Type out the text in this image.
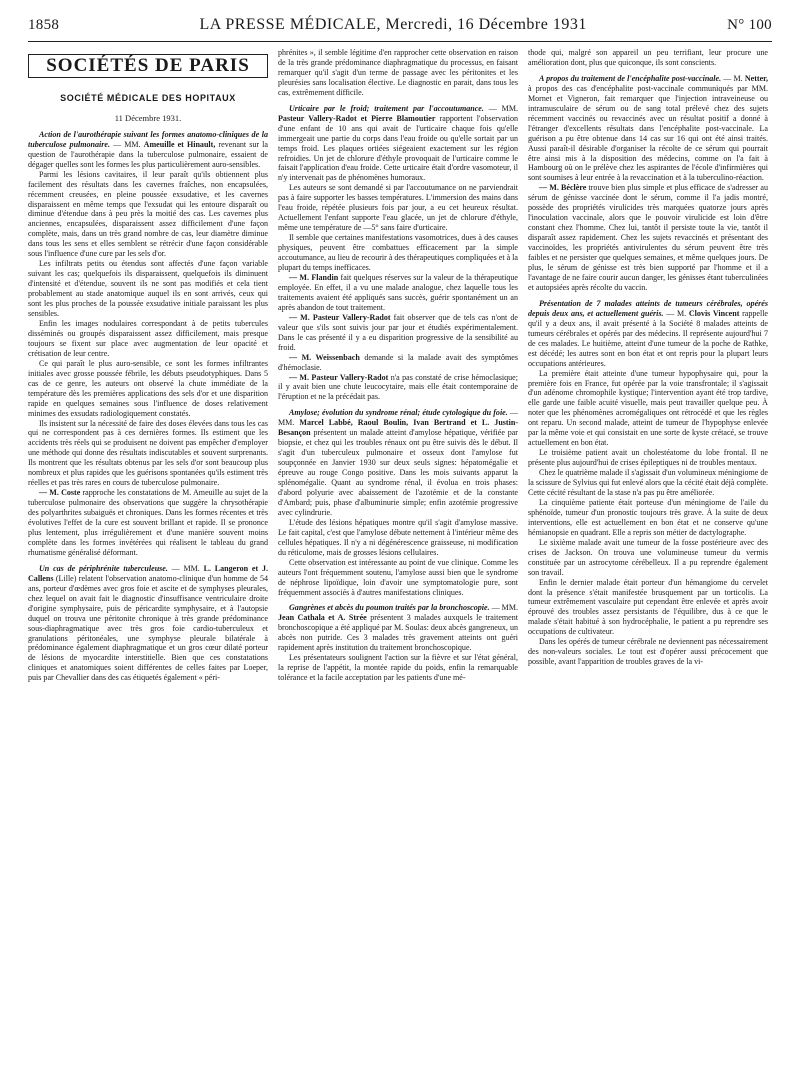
1858	LA PRESSE MÉDICALE, Mercredi, 16 Décembre 1931	N° 100
SOCIÉTÉS DE PARIS
SOCIÉTÉ MÉDICALE DES HOPITAUX
11 Décembre 1931.

Action de l'aurothérapie suivant les formes anatomo-cliniques de la tuberculose pulmonaire. — MM. Ameuille et Hinault, revenant sur la question de l'aurothérapie dans la tuberculose pulmonaire, essaient de dégager quelles sont les formes les plus particulièrement auro-sensibles.

Parmi les lésions cavitaires, il leur paraît qu'ils obtiennent plus facilement des résultats dans les cavernes fraîches, non encapsulées, récemment creusées, en pleine poussée exsudative, et les cavernes disparaissent en même temps que l'exsudat qui les entoure disparaît ou diminue d'étendue dans à peu près la moitié des cas. Les cavernes plus anciennes, encapsulées, disparaissent assez difficilement d'une façon complète, mais, dans un très grand nombre de cas, leur diamètre diminue dans tous les sens et elles semblent se rétrécir d'une façon considérable sous l'influence d'une cure par les sels d'or.

Les infiltrats petits ou étendus sont affectés d'une façon variable suivant les cas; quelquefois ils disparaissent, quelquefois ils diminuent d'intensité et d'étendue, souvent ils ne sont pas modifiés et cela tient probablement au stade anatomique auquel ils en sont arrivés, ceux qui sont les plus proches de la poussée exsudative initiale paraissant les plus sensibles.

Enfin les images nodulaires correspondant à de petits tubercules disséminés ou groupés disparaissent assez difficilement, mais presque toujours se fixent sur place avec augmentation de leur opacité et crétisation de leur centre.

Ce qui paraît le plus auro-sensible, ce sont les formes infiltrantes initiales avec grosse poussée fébrile, les débuts pseudotyphiques. Dans 5 cas de ce genre, les auteurs ont observé la chute immédiate de la température dès les premières applications des sels d'or et une disparition rapide en quelques semaines sous l'influence de doses relativement minimes des exsudats radiologiquement constatés.

Ils insistent sur la nécessité de faire des doses élevées dans tous les cas qui ne correspondent pas à ces dernières formes. Ils estiment que les accidents très réels qui se produisent ne doivent pas empêcher d'employer une méthode qui donne des résultats indiscutables et souvent surprenants. Ils montrent que les résultats obtenus par les sels d'or sont beaucoup plus nombreux et plus rapides que les guérisons spontanées qu'ils estiment très réelles et pas très rares en cours de tuberculose pulmonaire.

— M. Coste rapproche les constatations de M. Ameuille au sujet de la tuberculose pulmonaire des observations que suggère la chrysothérapie des polyarthrites subaiguës et chroniques. Dans les formes récentes et très évolutives l'effet de la cure est souvent brillant et rapide. Il se prononce plus lentement, plus irrégulièrement et d'une manière souvent moins complète dans les formes invétérées qui réalisent le tableau du grand rhumatisme généralisé déformant.

Un cas de périphrénite tuberculeuse. — MM. L. Langeron et J. Callens (Lille) relatent l'observation anatomo-clinique d'un homme de 54 ans, porteur d'œdèmes avec gros foie et ascite et de symphyses pleurales, chez lequel on avait fait le diagnostic d'insuffisance ventriculaire droite d'origine symphysaire, puis de péricardite symphysaire, et à l'autopsie duquel on trouva une péritonite chronique à très grande prédominance sous-diaphragmatique avec très gros foie cardio-tuberculeux et granulations péritonéales, une symphyse pleurale bilatérale à prédominance également diaphragmatique et un gros cœur dilaté porteur de lésions de myocardite interstitielle. Bien que ces constatations cliniques et anatomiques soient différentes de celles faites par Loeper, puis par Chevallier dans des cas étiquetés également « péri-

phrénites », il semble légitime d'en rapprocher cette observation en raison de la très grande prédominance diaphragmatique du processus, en faisant remarquer qu'il s'agit d'un terme de passage avec les péritonites et les pleurésies sans localisation élective. Le diagnostic en parait, dans tous les cas, extrêmement difficile.

Urticaire par le froid; traitement par l'accoutumance. — MM. Pasteur Vallery-Radot et Pierre Blamoutier rapportent l'observation d'une enfant de 10 ans qui avait de l'urticaire chaque fois qu'elle immergeait une partie du corps dans l'eau froide ou qu'elle sortait par un temps froid. Les plaques ortiées siégeaient exactement sur les région refroidies. Un jet de chlorure d'éthyle provoquait de l'urticaire comme le faisait l'application d'eau froide. Cette urticaire était d'ordre vasomoteur, il n'y intervenait pas de phénomènes humoraux.

Les auteurs se sont demandé si par l'accoutumance on ne parviendrait pas à faire supporter les basses températures. L'immersion des mains dans l'eau froide, répétée plusieurs fois par jour, a eu cet heureux résultat. Actuellement l'enfant supporte l'eau glacée, un jet de chlorure d'éthyle, même une température de —5° sans faire d'urticaire.

Il semble que certaines manifestations vasomotrices, dues à des causes physiques, peuvent être combattues efficacement par la simple accoutumance, au lieu de recourir à des thérapeutiques compliquées et à la plupart du temps inefficaces.

— M. Flandin fait quelques réserves sur la valeur de la thérapeutique employée. En effet, il a vu une malade analogue, chez laquelle tous les traitements avaient été appliqués sans succès, guérir spontanément un an après abandon de tout traitement.

— M. Pasteur Vallery-Radot fait observer que de tels cas n'ont de valeur que s'ils sont suivis jour par jour et étudiés expérimentalement. Dans le cas présenté il y a eu disparition progressive de la sensibilité au froid.

— M. Weissenbach demande si la malade avait des symptômes d'hémoclasie.

— M. Pasteur Vallery-Radot n'a pas constaté de crise hémoclasique; il y avait bien une chute leucocytaire, mais elle était contemporaine de l'éruption et ne la précédait pas.

Amylose; évolution du syndrome rénal; étude cytologique du foie. — MM. Marcel Labbé, Raoul Boulin, Ivan Bertrand et L. Justin-Besançon présentent un malade atteint d'amylose hépatique, vérifiée par biopsie, et chez qui les troubles rénaux ont pu être suivis dès le début. Il s'agit d'un tuberculeux pulmonaire et osseux dont l'amylose fut soupçonnée en Janvier 1930 sur deux seuls signes: hépatomégalie et épreuve au rouge Congo positive. Dans les mois suivants apparut la splénomégalie. Quant au syndrome rénal, il évolua en trois phases: d'abord polyurie avec abaissement de l'azotémie et de la constante d'Ambard; puis, phase d'albuminurie simple; enfin azotémie progressive avec cylindrurie.

L'étude des lésions hépatiques montre qu'il s'agit d'amylose massive. Le fait capital, c'est que l'amylose débute nettement à l'intérieur même des cellules hépatiques. Il n'y a ni dégénérescence graisseuse, ni modification du réticulome, mais de grosses lésions cellulaires.

Cette observation est intéressante au point de vue clinique. Comme les auteurs l'ont fréquemment soutenu, l'amylose aussi bien que le syndrome de néphrose lipoïdique, loin d'avoir une symptomatologie pure, sont fréquemment associés à d'autres manifestations cliniques.

Gangrènes et abcès du poumon traités par la bronchoscopie. — MM. Jean Cathala et A. Strée présentent 3 malades auxquels le traitement bronchoscopique a été appliqué par M. Soulas: deux abcès gangreneux, un abcès non putride. Ces 3 malades très gravement atteints ont guéri rapidement après institution du traitement bronchoscopique.

Les présentateurs soulignent l'action sur la fièvre et sur l'état général, la reprise de l'appétit, la montée rapide du poids, enfin la remarquable tolérance et la facile acceptation par les patients d'une mé-

thode qui, malgré son appareil un peu terrifiant, leur procure une amélioration dont, plus que quiconque, ils sont conscients.

A propos du traitement de l'encéphalite post-vaccinale. — M. Netter, à propos des cas d'encéphalite post-vaccinale communiqués par MM. Mornet et Vigneron, fait remarquer que l'injection intraveineuse ou intramusculaire de sérum ou de sang total prélevé chez des sujets récemment vaccinés ou revaccinés avec un résultat positif a donné à l'étranger d'excellents résultats dans l'encéphalite post-vaccinale. La guérison a pu être obtenue dans 14 cas sur 16 qui ont été ainsi traités. Aussi paraît-il désirable d'organiser la récolte de ce sérum qui pourrait être ainsi mis à la disposition des médecins, comme on l'a fait à Hambourg où on le prélève chez les aspirantes de l'école d'infirmières qui sont soumises à leur entrée à la revaccination et à la tuberculino-réaction.

— M. Béclère trouve bien plus simple et plus efficace de s'adresser au sérum de génisse vaccinée dont le sérum, comme il l'a jadis montré, possède des propriétés virulicides très marquées quatorze jours après l'inoculation vaccinale, alors que le pouvoir virulicide est loin d'être constant chez l'homme. Chez lui, tantôt il persiste toute la vie, tantôt il disparaît assez rapidement. Chez les sujets revaccinés et présentant des vaccinoïdes, les propriétés antivirulentes du sérum peuvent être très faibles et ne persister que quelques semaines, et même quelques jours. De plus, le sérum de génisse est très bien supporté par l'homme et il a l'avantage de ne faire courir aucun danger, les génisses étant tuberculinées et autopsiées après récolte du vaccin.

Présentation de 7 malades atteints de tumeurs cérébrales, opérés depuis deux ans, et actuellement guéris. — M. Clovis Vincent rappelle qu'il y a deux ans, il avait présenté à la Société 8 malades atteints de tumeurs cérébrales et opérés par des médecins. Il représente aujourd'hui 7 de ces malades. Le huitième, atteint d'une tumeur de la poche de Rathke, est décédé; les autres sont en bon état et ont repris pour la plupart leurs occupations antérieures.

La première était atteinte d'une tumeur hypophysaire qui, pour la première fois en France, fut opérée par la voie transfrontale; il s'agissait d'un adénome chromophile kystique; l'intervention ayant été trop tardive, elle garde une faible acuité visuelle, mais peut travailler quelque peu. À noter que les phénomènes acromégaliques ont rétrocédé et que les règles ont reparu. Un second malade, atteint de tumeur de l'hypophyse enlevée par la même voie et qui consistait en une sorte de kyste crétacé, se trouve actuellement en bon état.

Le troisième patient avait un cholestéatome du lobe frontal. Il ne présente plus aujourd'hui de crises épileptiques ni de troubles mentaux.

Chez le quatrième malade il s'agissait d'un volumineux méningiome de la scissure de Sylvius qui fut enlevé alors que la cécité était déjà complète. Cette cécité résultant de la stase n'a pas pu être améliorée.

La cinquième patiente était porteuse d'un méningiome de l'aile du sphénoïde, tumeur d'un pronostic toujours très grave. À la suite de deux interventions, elle est actuellement en bon état et ne conserve qu'une hémianopsie en quadrant. Elle a repris son métier de dactylographe.

Le sixième malade avait une tumeur de la fosse postérieure avec des crises de Jackson. On trouva une volumineuse tumeur du vermis constituée par un astrocytome cérébelleux. Il a pu reprendre également son travail.

Enfin le dernier malade était porteur d'un hémangiome du cervelet dont la présence s'était manifestée brusquement par un torticolis. La tumeur extrêmement vasculaire put cependant être enlevée et après avoir éprouvé des troubles assez persistants de l'équilibre, dus à ce que le malade s'était habitué à son hydrocéphalie, le patient a pu reprendre ses occupations de cultivateur.

Dans les opérés de tumeur cérébrale ne deviennent pas nécessairement des non-valeurs sociales. Le tout est d'opérer aussi précocement que possible, avant l'apparition de troubles graves de la vi-
